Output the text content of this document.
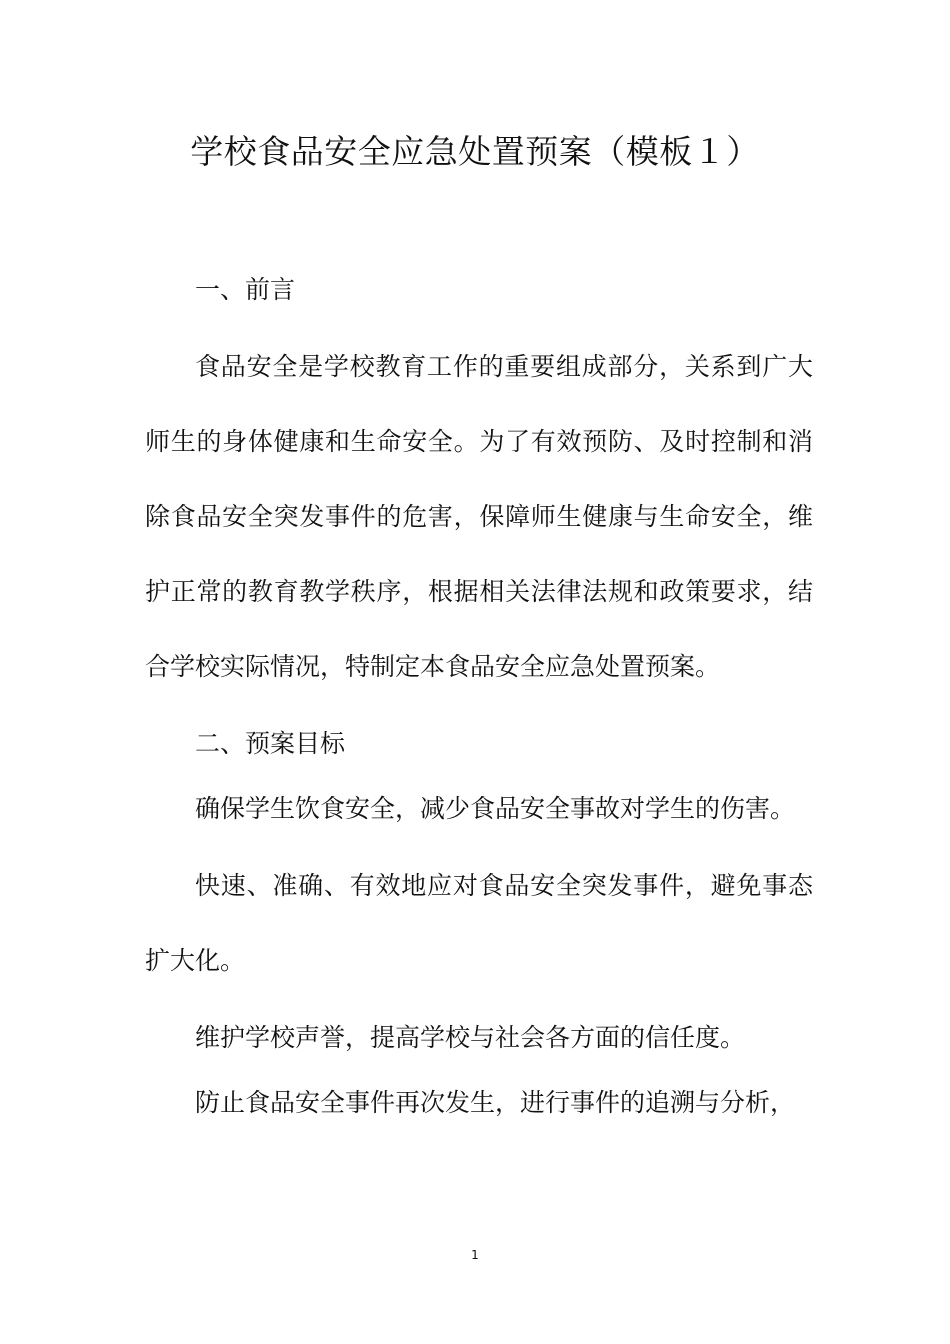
学校食品安全应急处置预案（模板１）

一、前言

食品安全是学校教育工作的重要组成部分，关系到广大师生的身体健康和生命安全。为了有效预防、及时控制和消除食品安全突发事件的危害，保障师生健康与生命安全，维护正常的教育教学秩序，根据相关法律法规和政策要求，结合学校实际情况，特制定本食品安全应急处置预案。

二、预案目标

确保学生饮食安全，减少食品安全事故对学生的伤害。

快速、准确、有效地应对食品安全突发事件，避免事态扩大化。

维护学校声誉，提高学校与社会各方面的信任度。

防止食品安全事件再次发生，进行事件的追溯与分析，

1
